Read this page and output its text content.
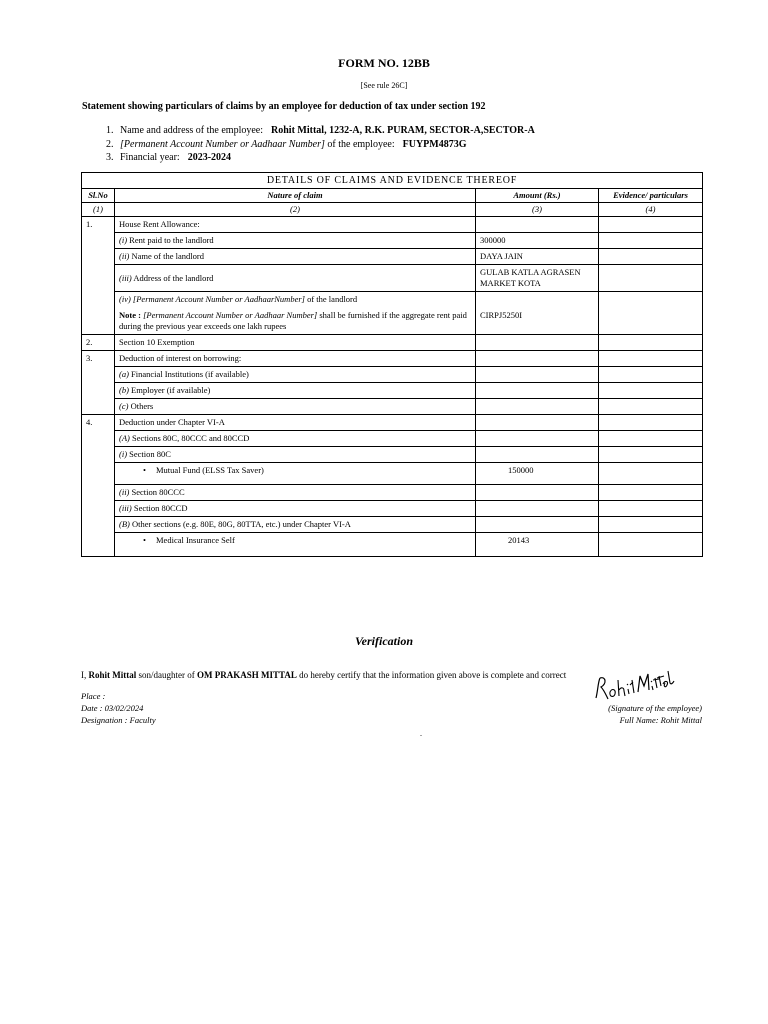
FORM NO. 12BB
[See rule 26C]
Statement showing particulars of claims by an employee for deduction of tax under section 192
1. Name and address of the employee: Rohit Mittal, 1232-A, R.K. PURAM, SECTOR-A,SECTOR-A
2. [Permanent Account Number or Aadhaar Number] of the employee: FUYPM4873G
3. Financial year: 2023-2024
DETAILS OF CLAIMS AND EVIDENCE THEREOF			
Sl.No	Nature of claim	Amount (Rs.)	Evidence/ particulars
(1)	(2)	(3)	(4)
1.	House Rent Allowance:		
	(i) Rent paid to the landlord	300000	
	(ii) Name of the landlord	DAYA JAIN	
	(iii) Address of the landlord	GULAB KATLA AGRASEN MARKET KOTA	

	(iv) [Permanent Account Number or AadhaarNumber] of the landlord
Note : [Permanent Account Number or Aadhaar Number] shall be furnished if the aggregate rent paid during the previous year exceeds one lakh rupees	CIRPJ5250I	
2.	Section 10 Exemption		
3.	Deduction of interest on borrowing:		
	(a) Financial Institutions (if available)		
	(b) Employer (if available)		
	(c) Others		
4.	Deduction under Chapter VI-A		
	(A) Sections 80C, 80CCC and 80CCD		
	(i) Section 80C		
	• Mutual Fund (ELSS Tax Saver)	150000	
	(ii) Section 80CCC		
	(iii) Section 80CCD		
	(B) Other sections (e.g. 80E, 80G, 80TTA, etc.) under Chapter VI-A		
	• Medical Insurance Self	20143	
Verification
I, Rohit Mittal son/daughter of OM PRAKASH MITTAL do hereby certify that the information given above is complete and correct
Place :
Date : 03/02/2024
Designation : Faculty
(Signature of the employee)
Full Name: Rohit Mittal
-
